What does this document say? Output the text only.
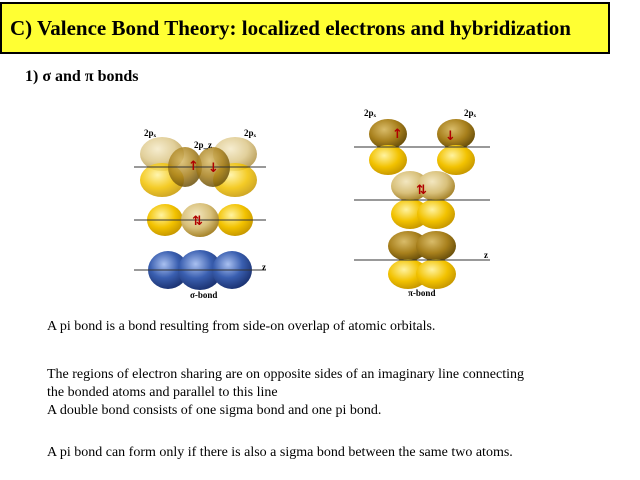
C) Valence Bond Theory: localized electrons and hybridization
1) σ and π bonds
↑ ↓
⇅
2pₓ
2p_z
2pₓ
z
σ-bond
↑	↓
⇅
2pₓ	2pₓ
z
π-bond
A pi bond is a bond resulting from side-on overlap of atomic orbitals.
The regions of electron sharing are on opposite sides of an imaginary line connecting
the bonded atoms and parallel to this line
A double bond consists of one sigma bond and one pi bond.
A pi bond can form only if there is also a sigma bond between the same two atoms.
